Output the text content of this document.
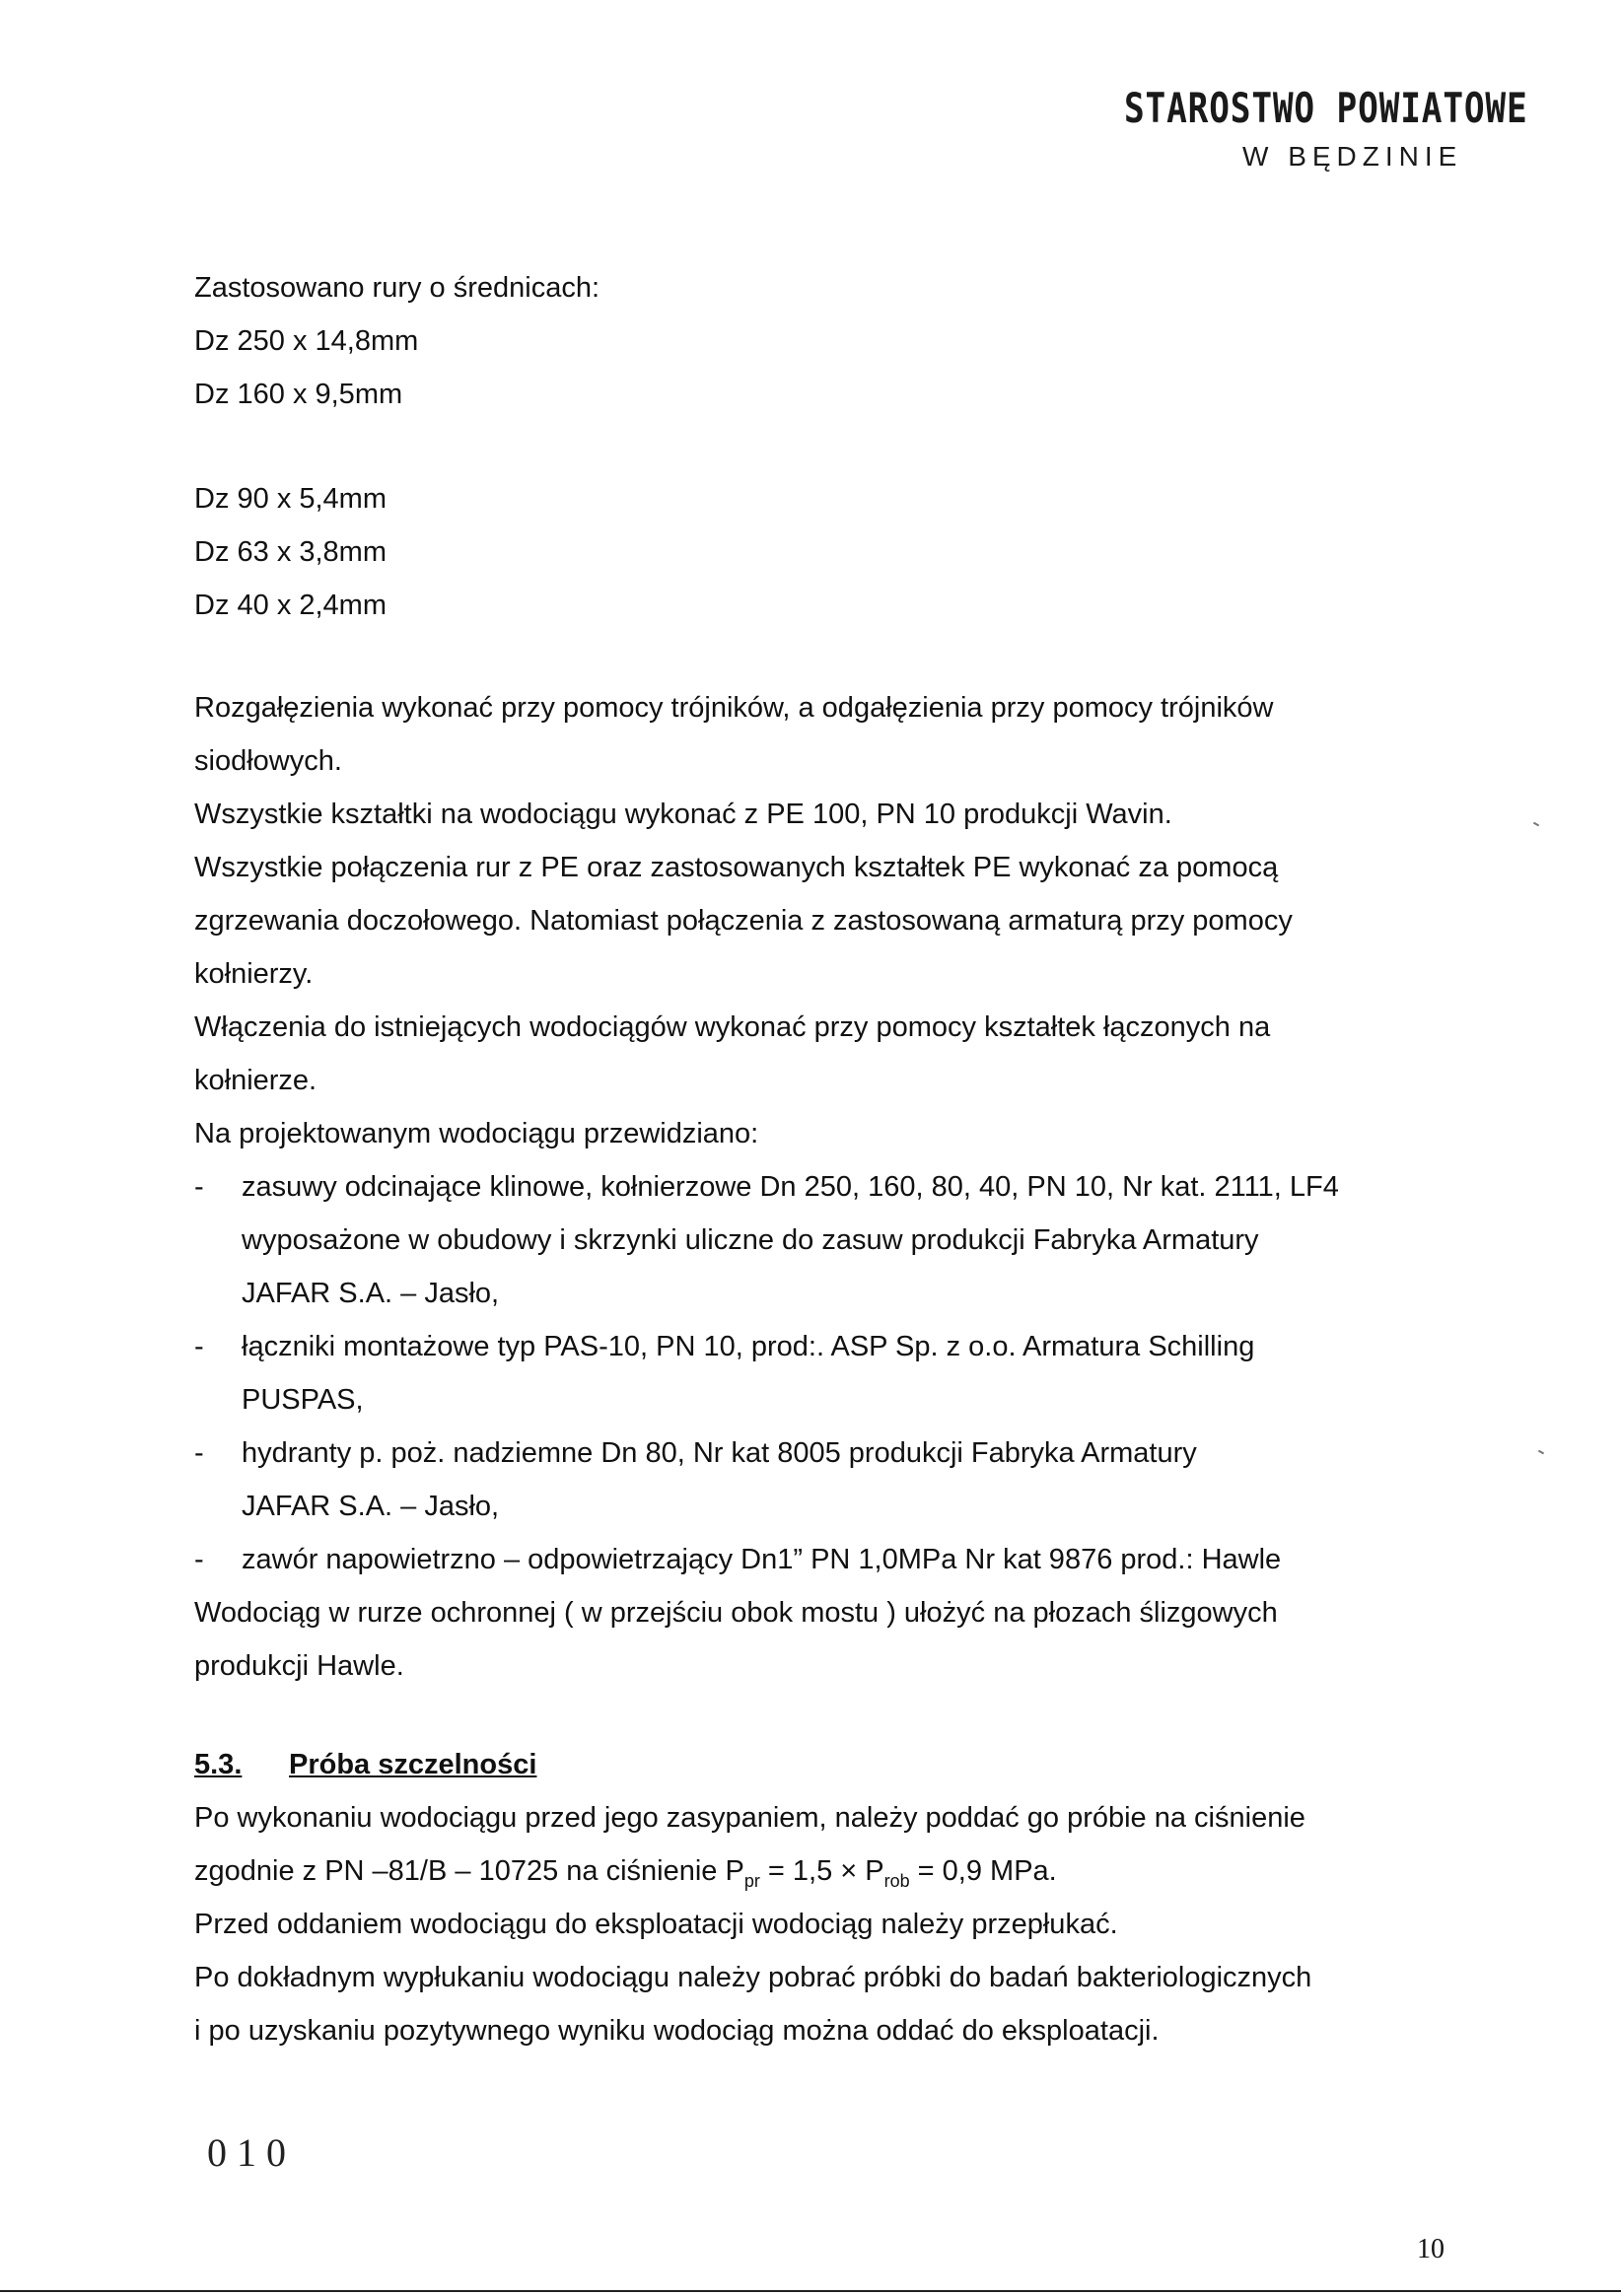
STAROSTWO POWIATOWE
W BĘDZINIE
Zastosowano rury o średnicach:
Dz 250 x 14,8mm
Dz 160 x 9,5mm
Dz 90 x 5,4mm
Dz 63 x 3,8mm
Dz 40 x 2,4mm
Rozgałęzienia wykonać przy pomocy trójników, a odgałęzienia przy pomocy trójników
siodłowych.
Wszystkie kształtki na wodociągu wykonać z PE 100, PN 10 produkcji Wavin.
Wszystkie połączenia rur z PE oraz zastosowanych kształtek PE wykonać za pomocą
zgrzewania doczołowego. Natomiast połączenia z zastosowaną armaturą przy pomocy
kołnierzy.
Włączenia do istniejących wodociągów wykonać przy pomocy kształtek łączonych na
kołnierze.
Na projektowanym wodociągu przewidziano:
-	zasuwy odcinające klinowe, kołnierzowe Dn 250, 160, 80, 40, PN 10, Nr kat. 2111, LF4
wyposażone w obudowy i skrzynki uliczne do zasuw produkcji Fabryka Armatury
JAFAR S.A. – Jasło,
-	łączniki montażowe typ PAS-10, PN 10, prod:. ASP Sp. z o.o. Armatura Schilling
PUSPAS,
-	hydranty p. poż. nadziemne Dn 80, Nr kat 8005 produkcji Fabryka Armatury
JAFAR S.A. – Jasło,
-	zawór napowietrzno – odpowietrzający Dn1” PN 1,0MPa Nr kat 9876 prod.: Hawle
Wodociąg w rurze ochronnej ( w przejściu obok mostu ) ułożyć na płozach ślizgowych
produkcji Hawle.
5.3.	Próba szczelności
Po wykonaniu wodociągu przed jego zasypaniem, należy poddać go próbie na ciśnienie
zgodnie z PN –81/B – 10725 na ciśnienie $P_{pr} = 1,5 \times P_{rob} = 0,9$ MPa.
Przed oddaniem wodociągu do eksploatacji wodociąg należy przepłukać.
Po dokładnym wypłukaniu wodociągu należy pobrać próbki do badań bakteriologicznych
i po uzyskaniu pozytywnego wyniku wodociąg można oddać do eksploatacji.
010
10
